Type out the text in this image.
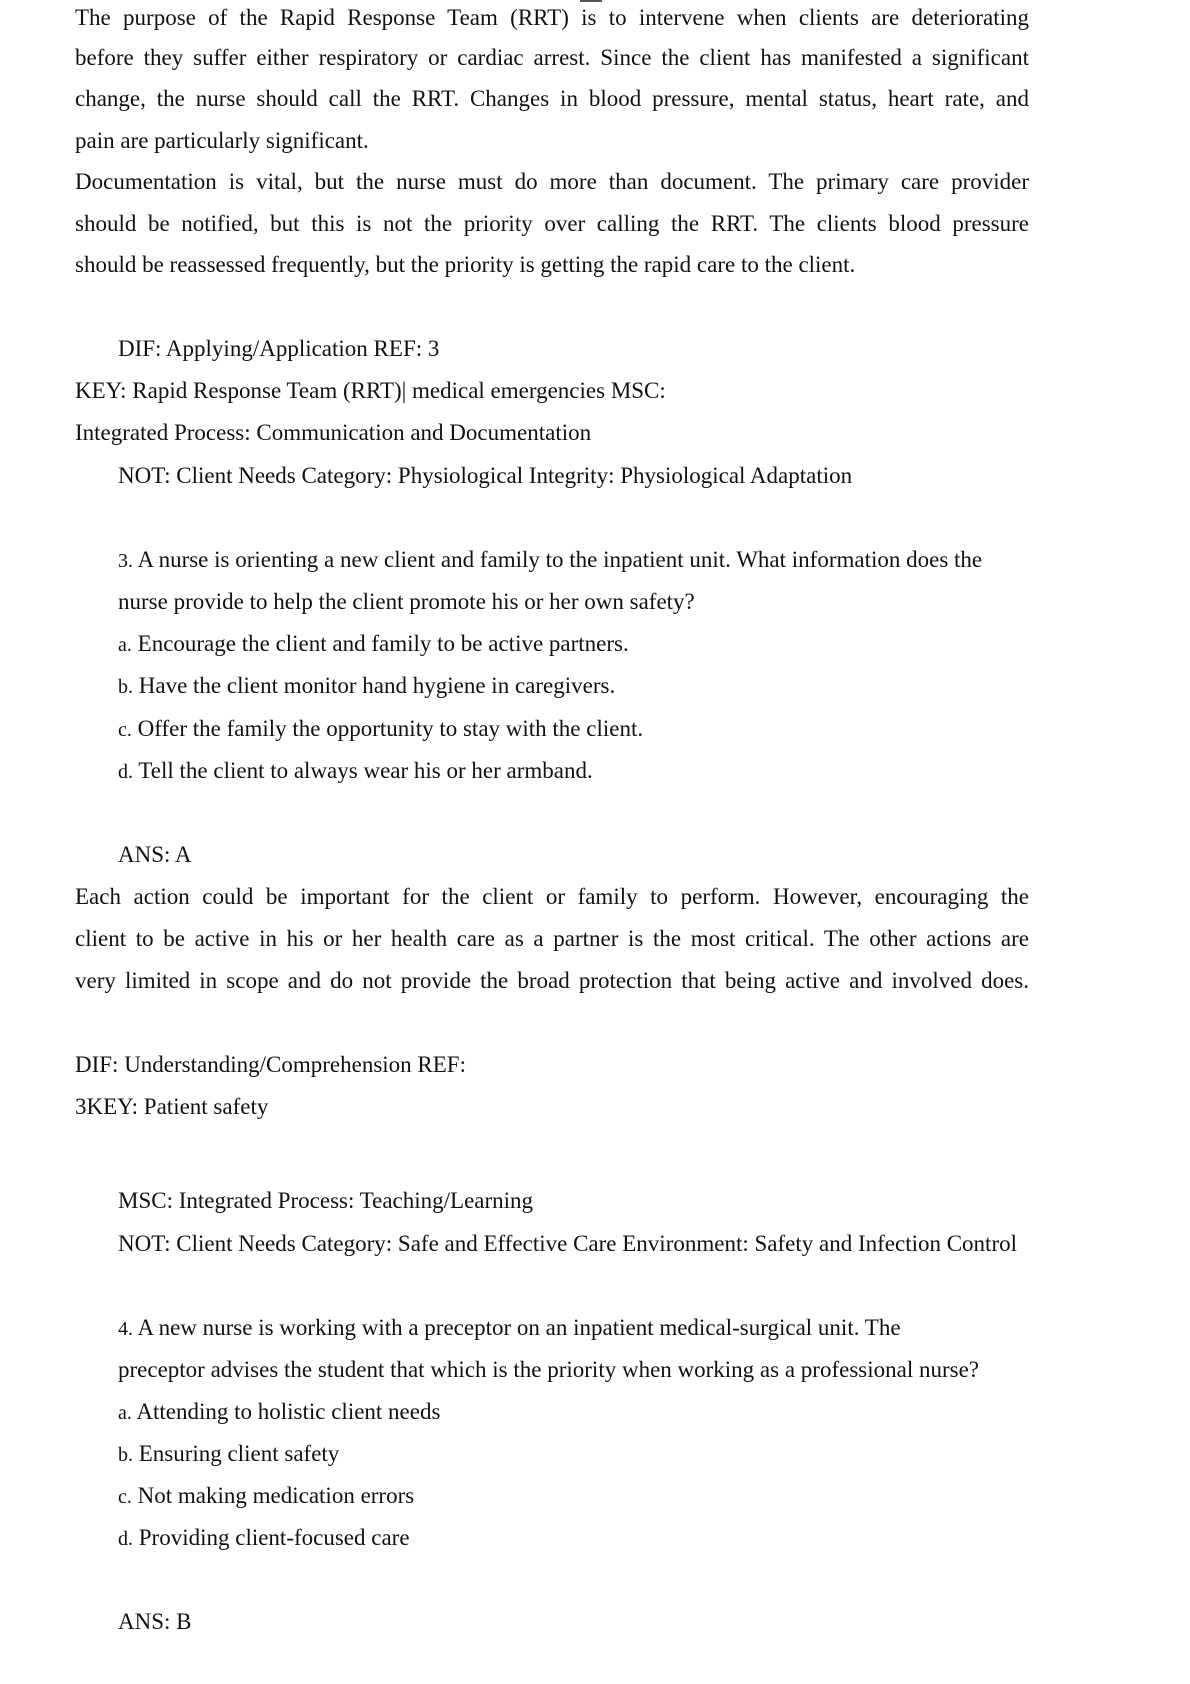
The purpose of the Rapid Response Team (RRT) is to intervene when clients are deteriorating
before they suffer either respiratory or cardiac arrest. Since the client has manifested a significant
change, the nurse should call the RRT. Changes in blood pressure, mental status, heart rate, and
pain are particularly significant.
Documentation is vital, but the nurse must do more than document. The primary care provider
should be notified, but this is not the priority over calling the RRT. The clients blood pressure
should be reassessed frequently, but the priority is getting the rapid care to the client.
DIF: Applying/Application REF: 3
KEY: Rapid Response Team (RRT)| medical emergencies MSC:
Integrated Process: Communication and Documentation
NOT: Client Needs Category: Physiological Integrity: Physiological Adaptation
3. A nurse is orienting a new client and family to the inpatient unit. What information does the
nurse provide to help the client promote his or her own safety?
a. Encourage the client and family to be active partners.
b. Have the client monitor hand hygiene in caregivers.
c. Offer the family the opportunity to stay with the client.
d. Tell the client to always wear his or her armband.
ANS: A
Each action could be important for the client or family to perform. However, encouraging the
client to be active in his or her health care as a partner is the most critical. The other actions are
very limited in scope and do not provide the broad protection that being active and involved does.
DIF: Understanding/Comprehension REF:
3KEY: Patient safety
MSC: Integrated Process: Teaching/Learning
NOT: Client Needs Category: Safe and Effective Care Environment: Safety and Infection Control
4. A new nurse is working with a preceptor on an inpatient medical-surgical unit. The
preceptor advises the student that which is the priority when working as a professional nurse?
a. Attending to holistic client needs
b. Ensuring client safety
c. Not making medication errors
d. Providing client-focused care
ANS: B
